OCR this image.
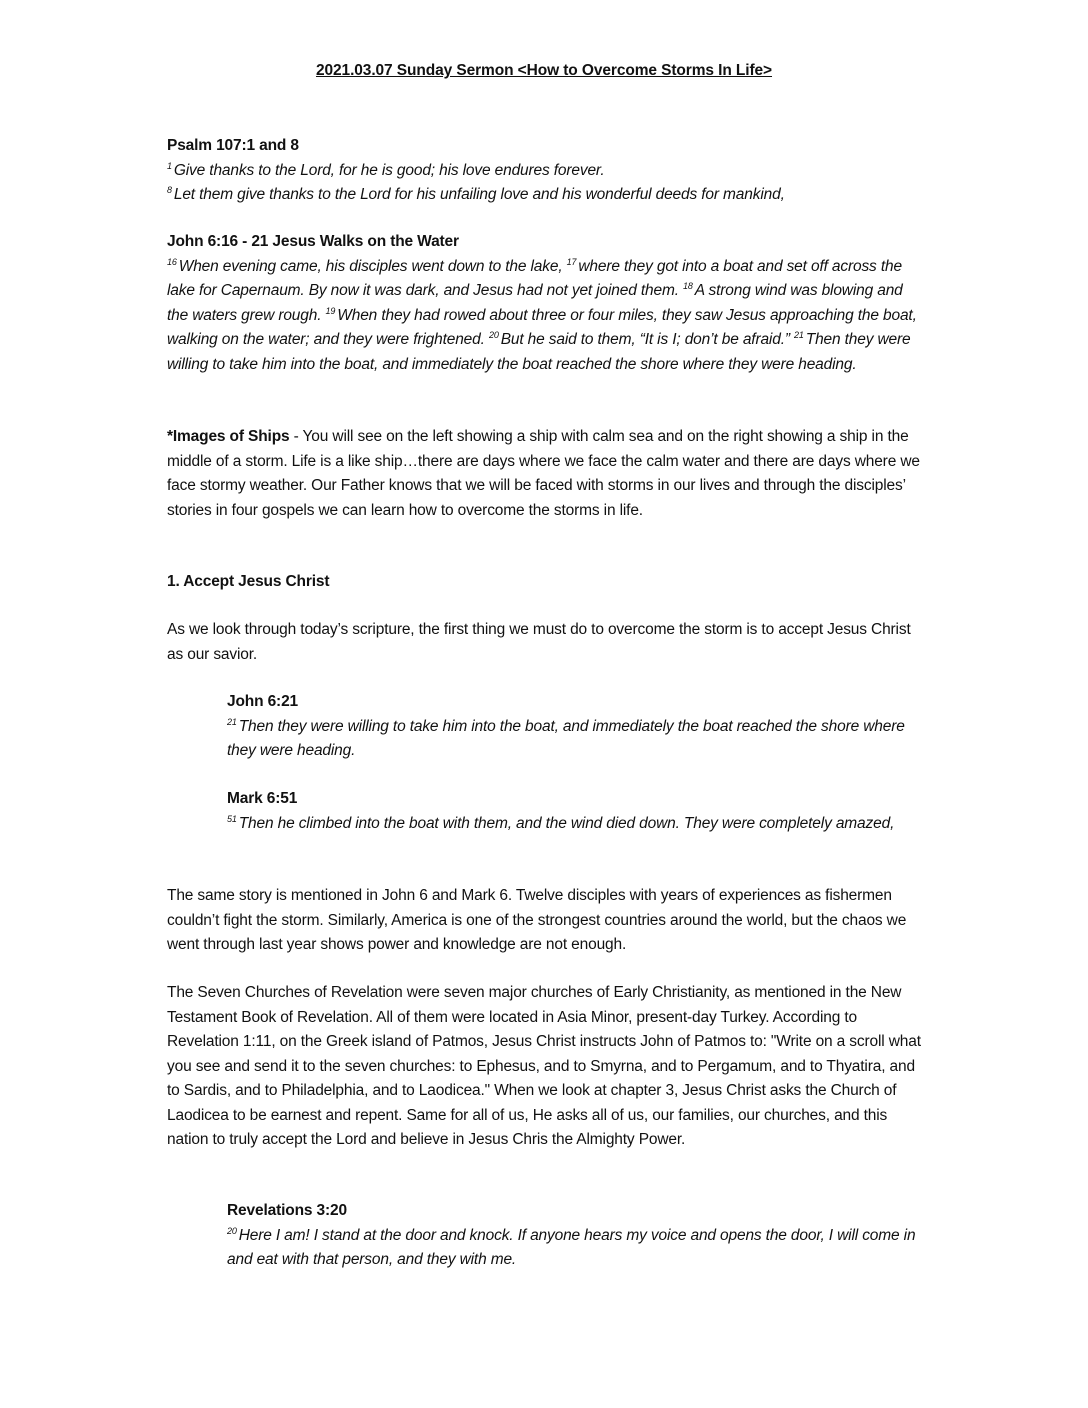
2021.03.07 Sunday Sermon <How to Overcome Storms In Life>

Psalm 107:1 and 8

$^1$ Give thanks to the Lord, for he is good; his love endures forever.

$^8$ Let them give thanks to the Lord for his unfailing love and his wonderful deeds for mankind,

John 6:16 - 21 Jesus Walks on the Water

$^{16}$ When evening came, his disciples went down to the lake, $^{17}$ where they got into a boat and set off across the lake for Capernaum. By now it was dark, and Jesus had not yet joined them. $^{18}$ A strong wind was blowing and the waters grew rough. $^{19}$ When they had rowed about three or four miles, they saw Jesus approaching the boat, walking on the water; and they were frightened. $^{20}$ But he said to them, “It is I; don’t be afraid.” $^{21}$ Then they were willing to take him into the boat, and immediately the boat reached the shore where they were heading.

*Images of Ships - You will see on the left showing a ship with calm sea and on the right showing a ship in the middle of a storm. Life is a like ship…there are days where we face the calm water and there are days where we face stormy weather. Our Father knows that we will be faced with storms in our lives and through the disciples’ stories in four gospels we can learn how to overcome the storms in life.

1. Accept Jesus Christ
As we look through today’s scripture, the first thing we must do to overcome the storm is to accept Jesus Christ as our savior.

John 6:21

$^{21}$ Then they were willing to take him into the boat, and immediately the boat reached the shore where they were heading.

Mark 6:51

$^{51}$ Then he climbed into the boat with them, and the wind died down. They were completely amazed,

The same story is mentioned in John 6 and Mark 6. Twelve disciples with years of experiences as fishermen couldn’t fight the storm. Similarly, America is one of the strongest countries around the world, but the chaos we went through last year shows power and knowledge are not enough.
The Seven Churches of Revelation were seven major churches of Early Christianity, as mentioned in the New Testament Book of Revelation. All of them were located in Asia Minor, present-day Turkey. According to Revelation 1:11, on the Greek island of Patmos, Jesus Christ instructs John of Patmos to: "Write on a scroll what you see and send it to the seven churches: to Ephesus, and to Smyrna, and to Pergamum, and to Thyatira, and to Sardis, and to Philadelphia, and to Laodicea." When we look at chapter 3, Jesus Christ asks the Church of Laodicea to be earnest and repent. Same for all of us, He asks all of us, our families, our churches, and this nation to truly accept the Lord and believe in Jesus Chris the Almighty Power.

Revelations 3:20

$^{20}$ Here I am! I stand at the door and knock. If anyone hears my voice and opens the door, I will come in and eat with that person, and they with me.
